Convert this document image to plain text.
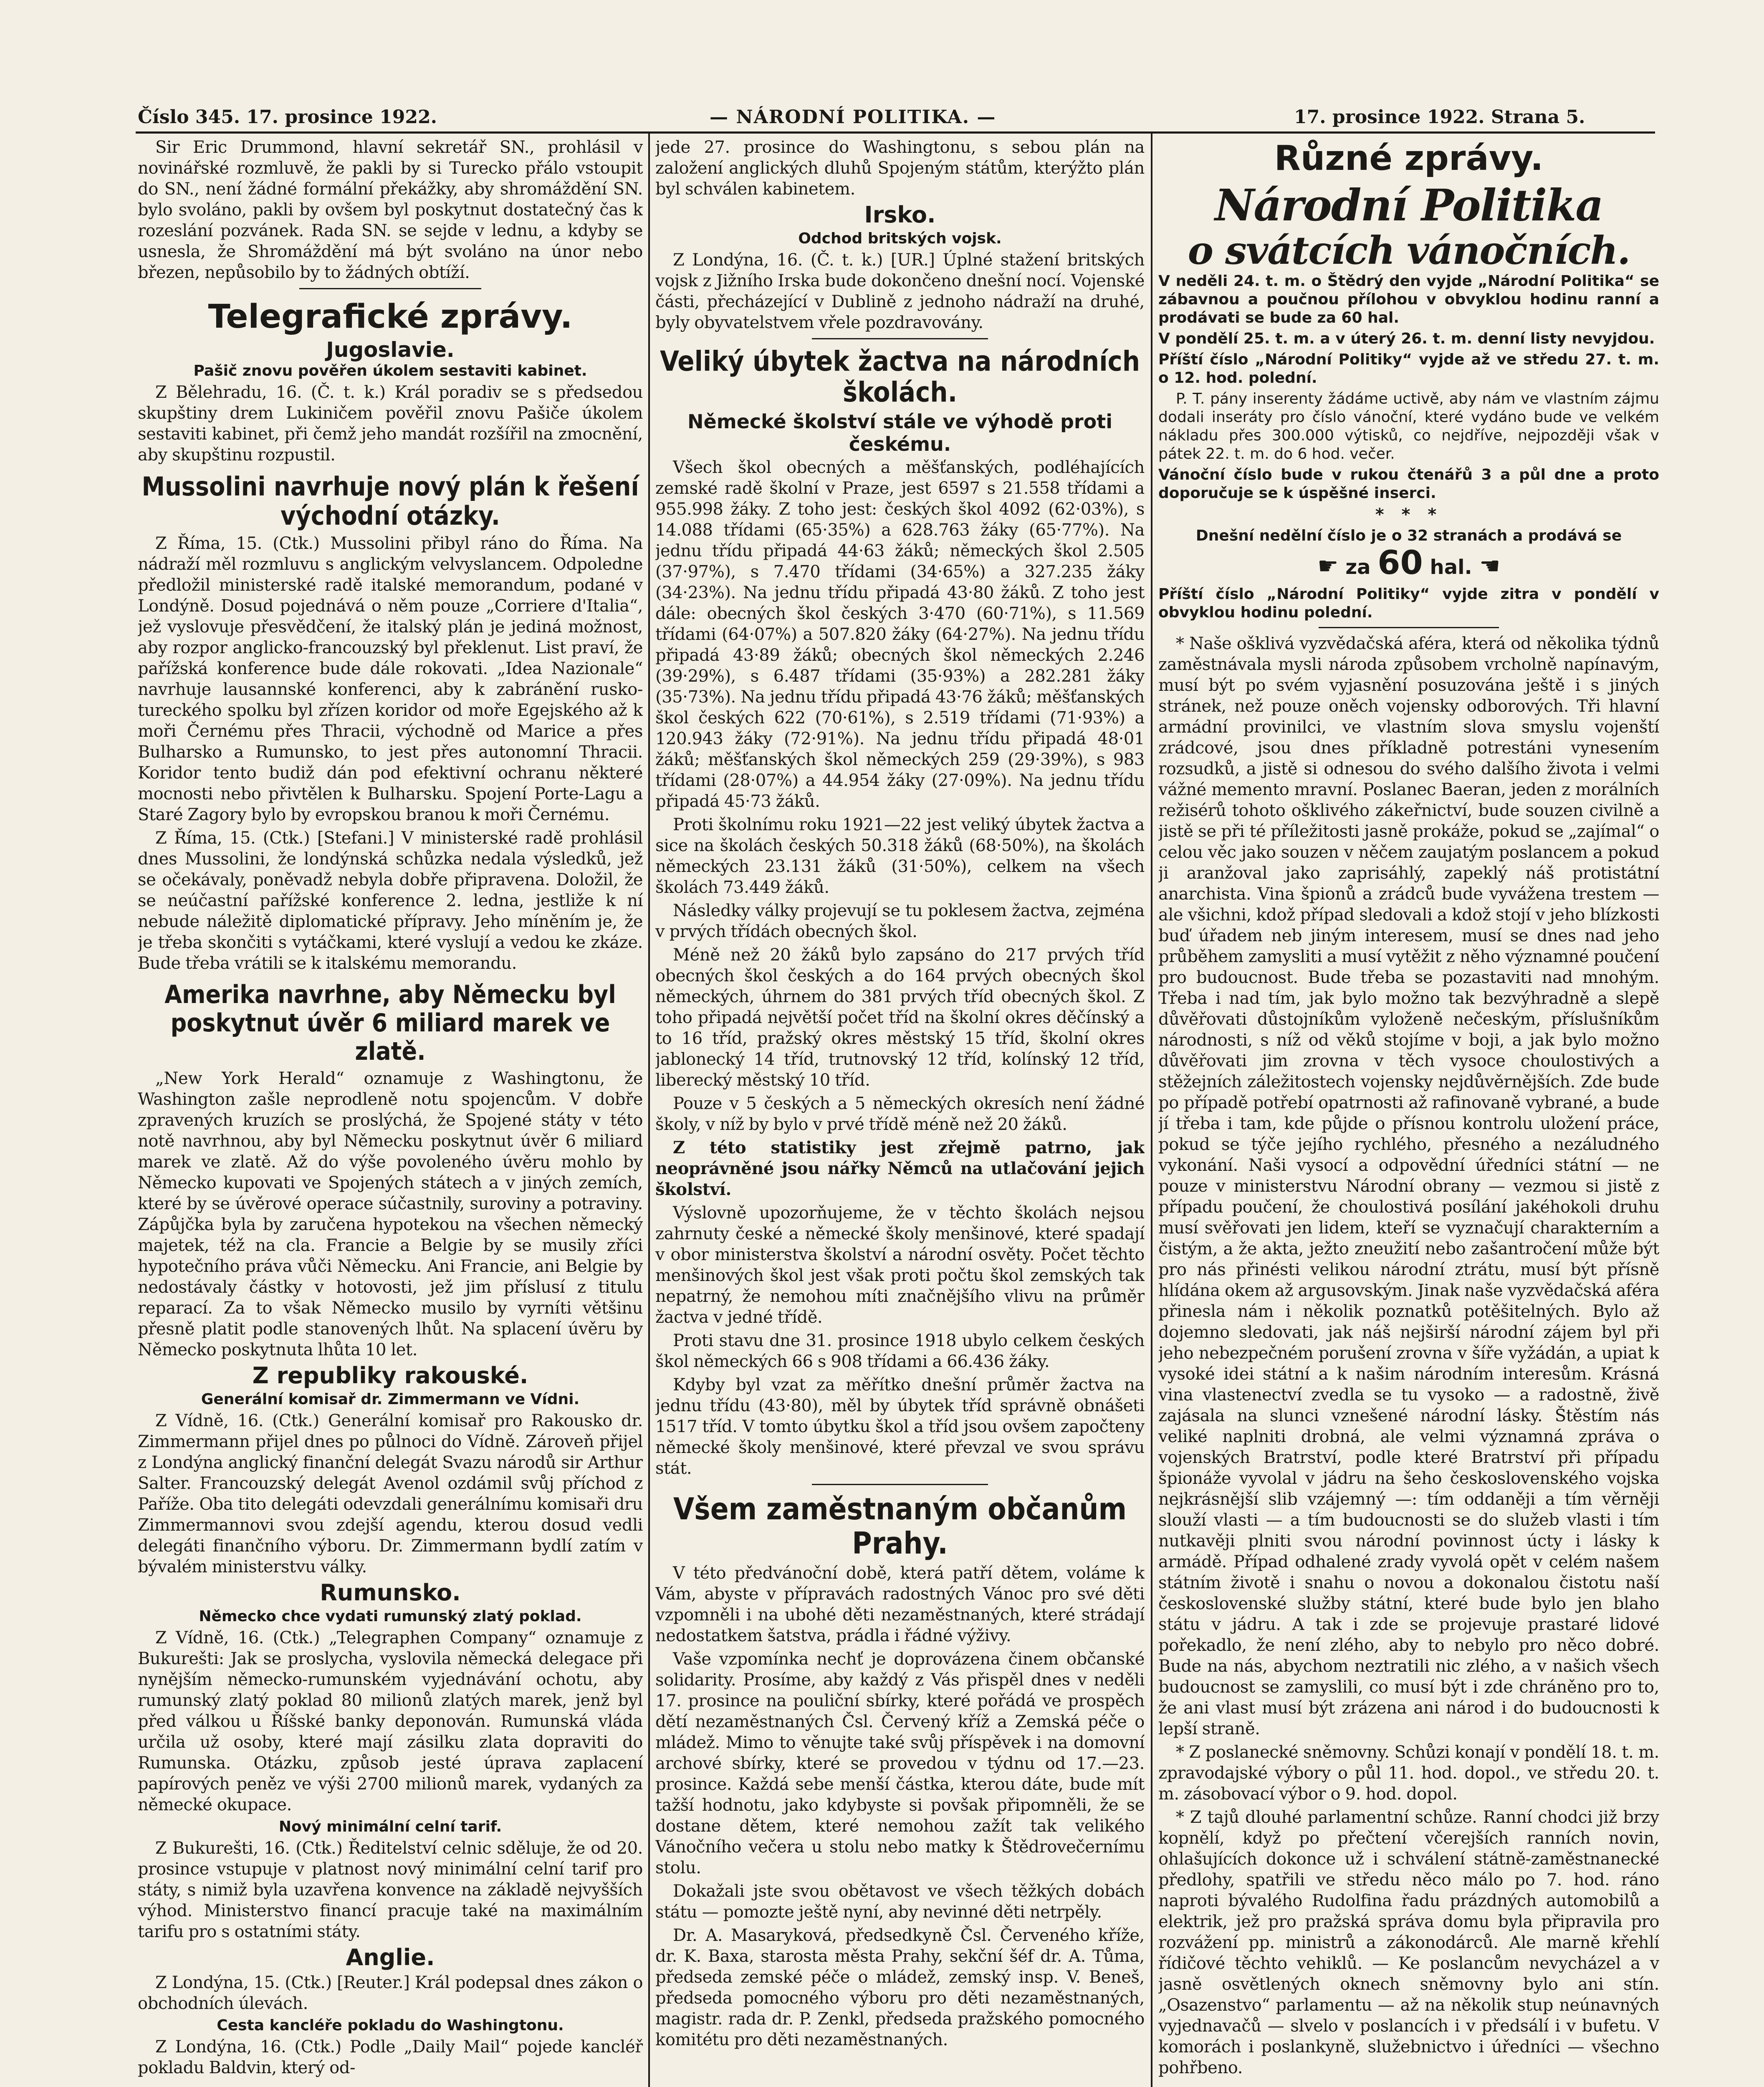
Číslo 345. 17. prosince 1922.	— NÁRODNÍ POLITIKA. —	17. prosince 1922. Strana 5.

Sir Eric Drummond, hlavní sekretář SN., prohlásil v novinářské rozmluvě, že pakli by si Turecko přálo vstoupit do SN., není žádné formální překážky, aby shromáždění SN. bylo svoláno, pakli by ovšem byl poskytnut dostatečný čas k rozeslání pozvánek. Rada SN. se sejde v lednu, a kdyby se usnesla, že Shromáždění má být svoláno na únor nebo březen, nepůsobilo by to žádných obtíží.

Telegrafické zprávy.
Jugoslavie.
Pašič znovu pověřen úkolem sestaviti kabinet.

Z Bělehradu, 16. (Č. t. k.) Král poradiv se s předsedou skupštiny drem Lukiničem pověřil znovu Pašiče úkolem sestaviti kabinet, při čemž jeho mandát rozšířil na zmocnění, aby skupštinu rozpustil.

Mussolini navrhuje nový plán k řešení východní otázky.

Z Říma, 15. (Ctk.) Mussolini přibyl ráno do Říma. Na nádraží měl rozmluvu s anglickým velvyslancem. Odpoledne předložil ministerské radě italské memorandum, podané v Londýně. Dosud pojednává o něm pouze „Corriere d'Italia“, jež vyslovuje přesvědčení, že italský plán je jediná možnost, aby rozpor anglicko-francouzský byl překlenut. List praví, že pařížská konference bude dále rokovati. „Idea Nazionale“ navrhuje lausannské konferenci, aby k zabránění rusko-tureckého spolku byl zřízen koridor od moře Egejského až k moři Černému přes Thracii, východně od Marice a přes Bulharsko a Rumunsko, to jest přes autonomní Thracii. Koridor tento budiž dán pod efektivní ochranu některé mocnosti nebo přivtělen k Bulharsku. Spojení Porte-Lagu a Staré Zagory bylo by evropskou branou k moři Černému.

Z Říma, 15. (Ctk.) [Stefani.] V ministerské radě prohlásil dnes Mussolini, že londýnská schůzka nedala výsledků, jež se očekávaly, poněvadž nebyla dobře připravena. Doložil, že se neúčastní pařížské konference 2. ledna, jestliže k ní nebude náležitě diplomatické přípravy. Jeho míněním je, že je třeba skončiti s vytáčkami, které vyslují a vedou ke zkáze. Bude třeba vrátili se k italskému memorandu.

Amerika navrhne, aby Německu byl poskytnut úvěr 6 miliard marek ve zlatě.

„New York Herald“ oznamuje z Washingtonu, že Washington zašle neprodleně notu spojencům. V dobře zpravených kruzích se proslýchá, že Spojené státy v této notě navrhnou, aby byl Německu poskytnut úvěr 6 miliard marek ve zlatě. Až do výše povoleného úvěru mohlo by Německo kupovati ve Spojených státech a v jiných zemích, které by se úvěrové operace súčastnily, suroviny a potraviny. Zápůjčka byla by zaručena hypotekou na všechen německý majetek, též na cla. Francie a Belgie by se musily zříci hypotečního práva vůči Německu. Ani Francie, ani Belgie by nedostávaly částky v hotovosti, jež jim příslusí z titulu reparací. Za to však Německo musilo by vyrníti většinu přesně platit podle stanovených lhůt. Na splacení úvěru by Německo poskytnuta lhůta 10 let.

Z republiky rakouské.
Generální komisař dr. Zimmermann ve Vídni.

Z Vídně, 16. (Ctk.) Generální komisař pro Rakousko dr. Zimmermann přijel dnes po půlnoci do Vídně. Zároveň přijel z Londýna anglický finanční delegát Svazu národů sir Arthur Salter. Francouzský delegát Avenol ozdámil svůj příchod z Paříže. Oba tito delegáti odevzdali generálnímu komisaři dru Zimmermannovi svou zdejší agendu, kterou dosud vedli delegáti finančního výboru. Dr. Zimmermann bydlí zatím v bývalém ministerstvu války.

Rumunsko.
Německo chce vydati rumunský zlatý poklad.

Z Vídně, 16. (Ctk.) „Telegraphen Company“ oznamuje z Bukurešti: Jak se proslycha, vyslovila německá delegace při nynějším německo-rumunském vyjednávání ochotu, aby rumunský zlatý poklad 80 milionů zlatých marek, jenž byl před válkou u Říšské banky deponován. Rumunská vláda určila už osoby, které mají zásilku zlata dopraviti do Rumunska. Otázku, způsob jesté úprava zaplacení papírových peněz ve výši 2700 milionů marek, vydaných za německé okupace.

Nový minimální celní tarif.

Z Bukurešti, 16. (Ctk.) Ředitelství celnic sděluje, že od 20. prosince vstupuje v platnost nový minimální celní tarif pro státy, s nimiž byla uzavřena konvence na základě nejvyšších výhod. Ministerstvo financí pracuje také na maximálním tarifu pro s ostatními státy.

Anglie.

Z Londýna, 15. (Ctk.) [Reuter.] Král podepsal dnes zákon o obchodních úlevách.

Cesta kancléře pokladu do Washingtonu.

Z Londýna, 16. (Ctk.) Podle „Daily Mail“ pojede kancléř pokladu Baldvin, který od-

jede 27. prosince do Washingtonu, s sebou plán na založení anglických dluhů Spojeným státům, kterýžto plán byl schválen kabinetem.

Irsko.
Odchod britských vojsk.

Z Londýna, 16. (Č. t. k.) [UR.] Úplné stažení britských vojsk z Jižního Irska bude dokončeno dnešní nocí. Vojenské části, přecházející v Dublině z jednoho nádraží na druhé, byly obyvatelstvem vřele pozdravovány.

Veliký úbytek žactva na národních školách.
Německé školství stále ve výhodě proti českému.

Všech škol obecných a měšťanských, podléhajících zemské radě školní v Praze, jest 6597 s 21.558 třídami a 955.998 žáky. Z toho jest: českých škol 4092 (62·03%), s 14.088 třídami (65·35%) a 628.763 žáky (65·77%). Na jednu třídu připadá 44·63 žáků; německých škol 2.505 (37·97%), s 7.470 třídami (34·65%) a 327.235 žáky (34·23%). Na jednu třídu připadá 43·80 žáků. Z toho jest dále: obecných škol českých 3·470 (60·71%), s 11.569 třídami (64·07%) a 507.820 žáky (64·27%). Na jednu třídu připadá 43·89 žáků; obecných škol německých 2.246 (39·29%), s 6.487 třídami (35·93%) a 282.281 žáky (35·73%). Na jednu třídu připadá 43·76 žáků; měšťanských škol českých 622 (70·61%), s 2.519 třídami (71·93%) a 120.943 žáky (72·91%). Na jednu třídu připadá 48·01 žáků; měšťanských škol německých 259 (29·39%), s 983 třídami (28·07%) a 44.954 žáky (27·09%). Na jednu třídu připadá 45·73 žáků.

Proti školnímu roku 1921—22 jest veliký úbytek žactva a sice na školách českých 50.318 žáků (68·50%), na školách německých 23.131 žáků (31·50%), celkem na všech školách 73.449 žáků.

Následky války projevují se tu poklesem žactva, zejména v prvých třídách obecných škol.

Méně než 20 žáků bylo zapsáno do 217 prvých tříd obecných škol českých a do 164 prvých obecných škol německých, úhrnem do 381 prvých tříd obecných škol. Z toho připadá největší počet tříd na školní okres děčínský a to 16 tříd, pražský okres městský 15 tříd, školní okres jablonecký 14 tříd, trutnovský 12 tříd, kolínský 12 tříd, liberecký městský 10 tříd.

Pouze v 5 českých a 5 německých okresích není žádné školy, v níž by bylo v prvé třídě méně než 20 žáků.

Z této statistiky jest zřejmě patrno, jak neoprávněné jsou nářky Němců na utlačování jejich školství.

Výslovně upozorňujeme, že v těchto školách nejsou zahrnuty české a německé školy menšinové, které spadají v obor ministerstva školství a národní osvěty. Počet těchto menšinových škol jest však proti počtu škol zemských tak nepatrný, že nemohou míti značnějšího vlivu na průměr žactva v jedné třídě.

Proti stavu dne 31. prosince 1918 ubylo celkem českých škol německých 66 s 908 třídami a 66.436 žáky.

Kdyby byl vzat za měřítko dnešní průměr žactva na jednu třídu (43·80), měl by úbytek tříd správně obnášeti 1517 tříd. V tomto úbytku škol a tříd jsou ovšem započteny německé školy menšinové, které převzal ve svou správu stát.

Všem zaměstnaným občanům Prahy.

V této předvánoční době, která patří dětem, voláme k Vám, abyste v přípravách radostných Vánoc pro své děti vzpomněli i na ubohé děti nezaměstnaných, které strádají nedostatkem šatstva, prádla i řádné výživy.

Vaše vzpomínka nechť je doprovázena činem občanské solidarity. Prosíme, aby každý z Vás přispěl dnes v neděli 17. prosince na pouliční sbírky, které pořádá ve prospěch dětí nezaměstnaných Čsl. Červený kříž a Zemská péče o mládež. Mimo to věnujte také svůj příspěvek i na domovní archové sbírky, které se provedou v týdnu od 17.—23. prosince. Každá sebe menší částka, kterou dáte, bude mít tažší hodnotu, jako kdybyste si povšak připomněli, že se dostane dětem, které nemohou zažít tak velikého Vánočního večera u stolu nebo matky k Štědrovečernímu stolu.

Dokažali jste svou obětavost ve všech těžkých dobách státu — pomozte ještě nyní, aby nevinné děti netrpěly.

Dr. A. Masaryková, předsedkyně Čsl. Červeného kříže, dr. K. Baxa, starosta města Prahy, sekční šéf dr. A. Tůma, předseda zemské péče o mládež, zemský insp. V. Beneš, předseda pomocného výboru pro děti nezaměstnaných, magistr. rada dr. P. Zenkl, předseda pražského pomocného komitétu pro děti nezaměstnaných.

Různé zprávy.
Národní Politika
o svátcích vánočních.

V neděli 24. t. m. o Štědrý den vyjde „Národní Politika“ se zábavnou a poučnou přílohou v obvyklou hodinu ranní a prodávati se bude za 60 hal.

V pondělí 25. t. m. a v úterý 26. t. m. denní listy nevyjdou.

Příští číslo „Národní Politiky“ vyjde až ve středu 27. t. m. o 12. hod. polední.

P. T. pány inserenty žádáme uctivě, aby nám ve vlastním zájmu dodali inseráty pro číslo vánoční, které vydáno bude ve velkém nákladu přes 300.000 výtisků, co nejdříve, nejpozději však v pátek 22. t. m. do 6 hod. večer.

Vánoční číslo bude v rukou čtenářů 3 a půl dne a proto doporučuje se k úspěšné inserci.

* * *

Dnešní nedělní číslo je o 32 stranách a prodává se

☛ za 60 hal. ☛

Příští číslo „Národní Politiky“ vyjde zitra v pondělí v obvyklou hodinu polední.

* Naše ošklivá vyzvědačská aféra, která od několika týdnů zaměstnávala mysli národa způsobem vrcholně napínavým, musí být po svém vyjasnění posuzována ještě i s jiných stránek, než pouze oněch vojensky odborových. Tři hlavní armádní provinilci, ve vlastním slova smyslu vojenští zrádcové, jsou dnes příkladně potrestáni vynesením rozsudků, a jistě si odnesou do svého dalšího života i velmi vážné memento mravní. Poslanec Baeran, jeden z morálních režisérů tohoto ošklivého zákeřnictví, bude souzen civilně a jistě se při té příležitosti jasně prokáže, pokud se „zajímal“ o celou věc jako souzen v něčem zaujatým poslancem a pokud ji aranžoval jako zaprisáhlý, zapeklý náš protistátní anarchista. Vina špionů a zrádců bude vyvážena trestem — ale všichni, kdož případ sledovali a kdož stojí v jeho blízkosti buď úřadem neb jiným interesem, musí se dnes nad jeho průběhem zamysliti a musí vytěžit z něho významné poučení pro budoucnost. Bude třeba se pozastaviti nad mnohým. Třeba i nad tím, jak bylo možno tak bezvýhradně a slepě důvěřovati důstojníkům vyloženě nečeským, příslušníkům národnosti, s níž od věků stojíme v boji, a jak bylo možno důvěřovati jim zrovna v těch vysoce choulostivých a stěžejních záležitostech vojensky nejdůvěrnějších. Zde bude po případě potřebí opatrnosti až rafinovaně vybrané, a bude jí třeba i tam, kde půjde o přísnou kontrolu uložení práce, pokud se týče jejího rychlého, přesného a nezáludného vykonání. Naši vysocí a odpovědní úředníci státní — ne pouze v ministerstvu Národní obrany — vezmou si jistě z případu poučení, že choulostivá posílání jakéhokoli druhu musí svěřovati jen lidem, kteří se vyznačují charakterním a čistým, a že akta, ježto zneužití nebo zašantročení může být pro nás přinésti velikou národní ztrátu, musí být přísně hlídána okem až argusovským. Jinak naše vyzvědačská aféra přinesla nám i několik poznatků potěšitelných. Bylo až dojemno sledovati, jak náš nejširší národní zájem byl při jeho nebezpečném porušení zrovna v šíře vyžádán, a upiat k vysoké idei státní a k našim národním interesům. Krásná vina vlastenectví zvedla se tu vysoko — a radostně, živě zajásala na slunci vznešené národní lásky. Štěstím nás veliké naplniti drobná, ale velmi významná zpráva o vojenských Bratrství, podle které Bratrství při případu špionáže vyvolal v jádru na šeho československého vojska nejkrásnější slib vzájemný —: tím oddaněji a tím věrněji slouží vlasti — a tím budoucnosti se do služeb vlasti i tím nutkavěji plniti svou národní povinnost úcty i lásky k armádě. Případ odhalené zrady vyvolá opět v celém našem státním životě i snahu o novou a dokonalou čistotu naší československé služby státní, které bude bylo jen blaho státu v jádru. A tak i zde se projevuje prastaré lidové pořekadlo, že není zlého, aby to nebylo pro něco dobré. Bude na nás, abychom neztratili nic zlého, a v našich všech budoucnost se zamyslili, co musí být i zde chráněno pro to, že ani vlast musí být zrázena ani národ i do budoucnosti k lepší straně.

* Z poslanecké sněmovny. Schůzi konají v pondělí 18. t. m. zpravodajské výbory o půl 11. hod. dopol., ve středu 20. t. m. zásobovací výbor o 9. hod. dopol.

* Z tajů dlouhé parlamentní schůze. Ranní chodci již brzy kopnělí, když po přečtení včerejších ranních novin, ohlašujících dokonce už i schválení státně-zaměstnanecké předlohy, spatřili ve středu něco málo po 7. hod. ráno naproti bývalého Rudolfina řadu prázdných automobilů a elektrik, jež pro pražská správa domu byla připravila pro rozvážení pp. ministrů a zákonodárců. Ale marně křehlí řídičové těchto vehiklů. — Ke poslancům nevycházel a v jasně osvětlených oknech sněmovny bylo ani stín. „Osazenstvo“ parlamentu — až na několik stup neúnavných vyjednavačů — slvelo v poslancích i v předsálí i v bufetu. V komorách i poslankyně, služebnictvo i úředníci — všechno pohřbeno.
